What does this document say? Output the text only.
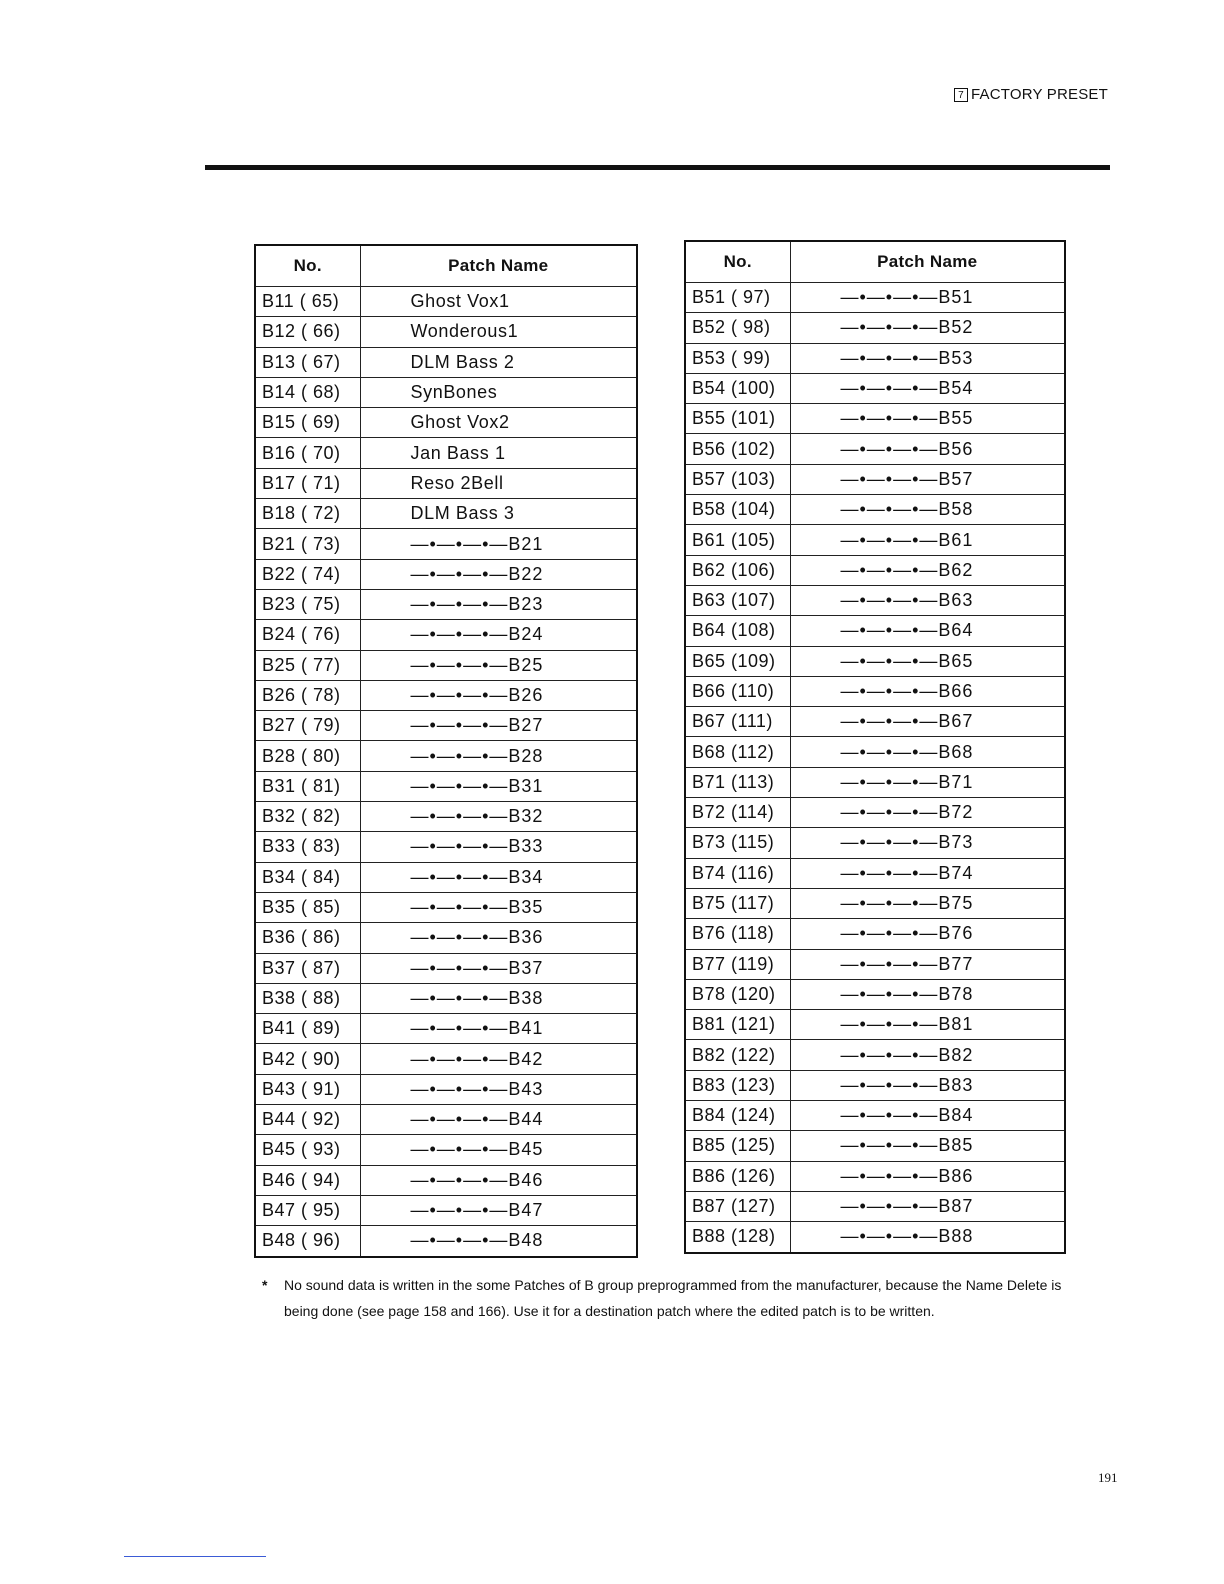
7 FACTORY PRESET
No.	Patch Name
B11 ( 65)	Ghost Vox1
B12 ( 66)	Wonderous1
B13 ( 67)	DLM Bass 2
B14 ( 68)	SynBones
B15 ( 69)	Ghost Vox2
B16 ( 70)	Jan Bass 1
B17 ( 71)	Reso 2Bell
B18 ( 72)	DLM Bass 3
B21 ( 73)	—•—•—•—B21
B22 ( 74)	—•—•—•—B22
B23 ( 75)	—•—•—•—B23
B24 ( 76)	—•—•—•—B24
B25 ( 77)	—•—•—•—B25
B26 ( 78)	—•—•—•—B26
B27 ( 79)	—•—•—•—B27
B28 ( 80)	—•—•—•—B28
B31 ( 81)	—•—•—•—B31
B32 ( 82)	—•—•—•—B32
B33 ( 83)	—•—•—•—B33
B34 ( 84)	—•—•—•—B34
B35 ( 85)	—•—•—•—B35
B36 ( 86)	—•—•—•—B36
B37 ( 87)	—•—•—•—B37
B38 ( 88)	—•—•—•—B38
B41 ( 89)	—•—•—•—B41
B42 ( 90)	—•—•—•—B42
B43 ( 91)	—•—•—•—B43
B44 ( 92)	—•—•—•—B44
B45 ( 93)	—•—•—•—B45
B46 ( 94)	—•—•—•—B46
B47 ( 95)	—•—•—•—B47
B48 ( 96)	—•—•—•—B48
No.	Patch Name
B51 ( 97)	—•—•—•—B51
B52 ( 98)	—•—•—•—B52
B53 ( 99)	—•—•—•—B53
B54 (100)	—•—•—•—B54
B55 (101)	—•—•—•—B55
B56 (102)	—•—•—•—B56
B57 (103)	—•—•—•—B57
B58 (104)	—•—•—•—B58
B61 (105)	—•—•—•—B61
B62 (106)	—•—•—•—B62
B63 (107)	—•—•—•—B63
B64 (108)	—•—•—•—B64
B65 (109)	—•—•—•—B65
B66 (110)	—•—•—•—B66
B67 (111)	—•—•—•—B67
B68 (112)	—•—•—•—B68
B71 (113)	—•—•—•—B71
B72 (114)	—•—•—•—B72
B73 (115)	—•—•—•—B73
B74 (116)	—•—•—•—B74
B75 (117)	—•—•—•—B75
B76 (118)	—•—•—•—B76
B77 (119)	—•—•—•—B77
B78 (120)	—•—•—•—B78
B81 (121)	—•—•—•—B81
B82 (122)	—•—•—•—B82
B83 (123)	—•—•—•—B83
B84 (124)	—•—•—•—B84
B85 (125)	—•—•—•—B85
B86 (126)	—•—•—•—B86
B87 (127)	—•—•—•—B87
B88 (128)	—•—•—•—B88
*	No sound data is written in the some Patches of B group preprogrammed from the manufacturer, because the Name Delete is being done (see page 158 and 166). Use it for a destination patch where the edited patch is to be written.
191
